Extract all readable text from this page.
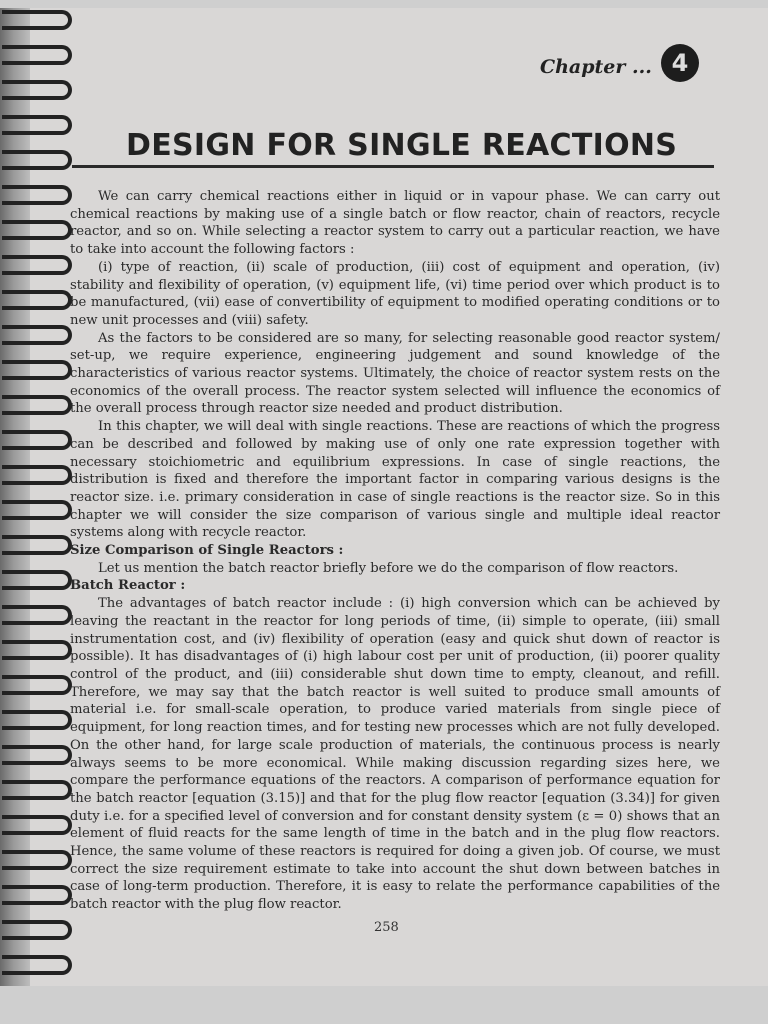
Chapter ... 4
DESIGN FOR SINGLE REACTIONS

We can carry chemical reactions either in liquid or in vapour phase. We can carry out chemical reactions by making use of a single batch or flow reactor, chain of reactors, recycle reactor, and so on. While selecting a reactor system to carry out a particular reaction, we have to take into account the following factors :

(i) type of reaction, (ii) scale of production, (iii) cost of equipment and operation, (iv) stability and flexibility of operation, (v) equipment life, (vi) time period over which product is to be manufactured, (vii) ease of convertibility of equipment to modified operating conditions or to new unit processes and (viii) safety.

As the factors to be considered are so many, for selecting reasonable good reactor system/ set-up, we require experience, engineering judgement and sound knowledge of the characteristics of various reactor systems. Ultimately, the choice of reactor system rests on the economics of the overall process. The reactor system selected will influence the economics of the overall process through reactor size needed and product distribution.

In this chapter, we will deal with single reactions. These are reactions of which the progress can be described and followed by making use of only one rate expression together with necessary stoichiometric and equilibrium expressions. In case of single reactions, the distribution is fixed and therefore the important factor in comparing various designs is the reactor size. i.e. primary consideration in case of single reactions is the reactor size. So in this chapter we will consider the size comparison of various single and multiple ideal reactor systems along with recycle reactor.

Size Comparison of Single Reactors :

Let us mention the batch reactor briefly before we do the comparison of flow reactors.

Batch Reactor :

The advantages of batch reactor include : (i) high conversion which can be achieved by leaving the reactant in the reactor for long periods of time, (ii) simple to operate, (iii) small instrumentation cost, and (iv) flexibility of operation (easy and quick shut down of reactor is possible). It has disadvantages of (i) high labour cost per unit of production, (ii) poorer quality control of the product, and (iii) considerable shut down time to empty, cleanout, and refill. Therefore, we may say that the batch reactor is well suited to produce small amounts of material i.e. for small-scale operation, to produce varied materials from single piece of equipment, for long reaction times, and for testing new processes which are not fully developed. On the other hand, for large scale production of materials, the continuous process is nearly always seems to be more economical. While making discussion regarding sizes here, we compare the performance equations of the reactors. A comparison of performance equation for the batch reactor [equation (3.15)] and that for the plug flow reactor [equation (3.34)] for given duty i.e. for a specified level of conversion and for constant density system (ε = 0) shows that an element of fluid reacts for the same length of time in the batch and in the plug flow reactors. Hence, the same volume of these reactors is required for doing a given job. Of course, we must correct the size requirement estimate to take into account the shut down between batches in case of long-term production. Therefore, it is easy to relate the performance capabilities of the batch reactor with the plug flow reactor.

258
